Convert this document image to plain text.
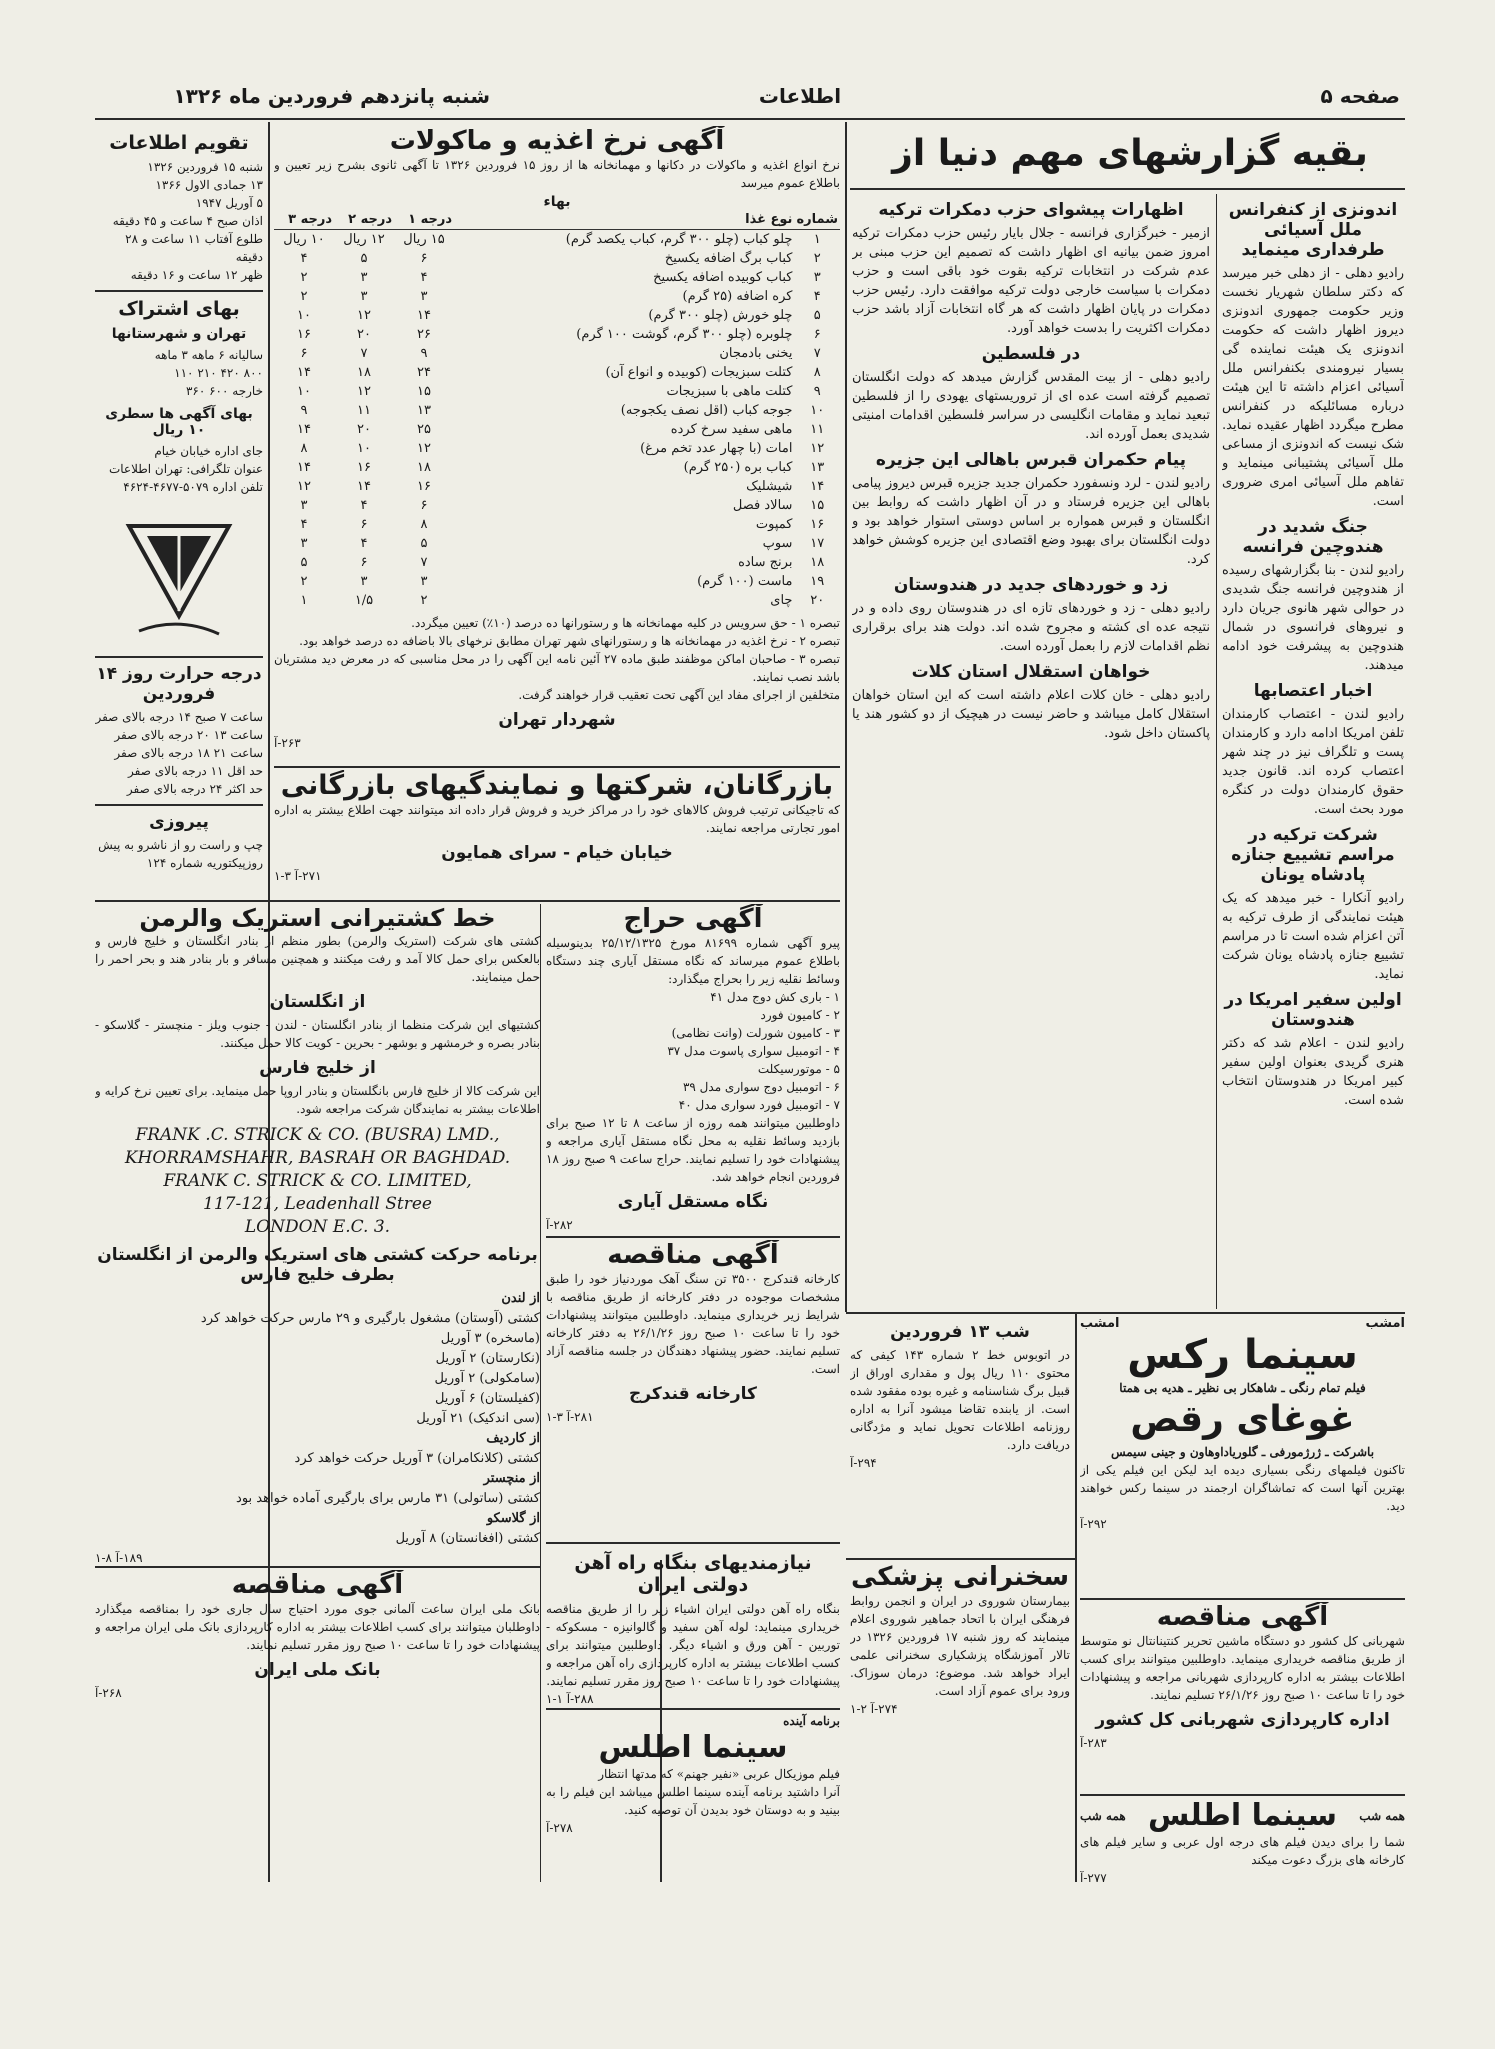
صفحه ۵
اطلاعات
شنبه پانزدهم فروردین ماه ۱۳۲۶
بقیه گزارشهای مهم دنیا از
اندونزی از کنفرانس ملل آسیائی طرفداری مینماید
رادیو دهلی - از دهلی خبر میرسد که دکتر سلطان شهریار نخست وزیر حکومت جمهوری اندونزی دیروز اظهار داشت که حکومت اندونزی یک هیئت نماینده گی بسیار نیرومندی بکنفرانس ملل آسیائی اعزام داشته تا این هیئت درباره مسائلیکه در کنفرانس مطرح میگردد اظهار عقیده نماید. شک نیست که اندونزی از مساعی ملل آسیائی پشتیبانی مینماید و تفاهم ملل آسیائی امری ضروری است.
جنگ شدید در هندوچین فرانسه
رادیو لندن - بنا بگزارشهای رسیده از هندوچین فرانسه جنگ شدیدی در حوالی شهر هانوی جریان دارد و نیروهای فرانسوی در شمال هندوچین به پیشرفت خود ادامه میدهند.
اخبار اعتصابها
رادیو لندن - اعتصاب کارمندان تلفن امریکا ادامه دارد و کارمندان پست و تلگراف نیز در چند شهر اعتصاب کرده اند. قانون جدید حقوق کارمندان دولت در کنگره مورد بحث است.
شرکت ترکیه در مراسم تشییع جنازه پادشاه یونان
رادیو آنکارا - خبر میدهد که یک هیئت نمایندگی از طرف ترکیه به آتن اعزام شده است تا در مراسم تشییع جنازه پادشاه یونان شرکت نماید.
اولین سفیر امریکا در هندوستان
رادیو لندن - اعلام شد که دکتر هنری گریدی بعنوان اولین سفیر کبیر امریکا در هندوستان انتخاب شده است.
اظهارات پیشوای حزب دمکرات ترکیه
ازمیر - خبرگزاری فرانسه - جلال بایار رئیس حزب دمکرات ترکیه امروز ضمن بیانیه ای اظهار داشت که تصمیم این حزب مبنی بر عدم شرکت در انتخابات ترکیه بقوت خود باقی است و حزب دمکرات با سیاست خارجی دولت ترکیه موافقت دارد. رئیس حزب دمکرات در پایان اظهار داشت که هر گاه انتخابات آزاد باشد حزب دمکرات اکثریت را بدست خواهد آورد.
در فلسطین
رادیو دهلی - از بیت المقدس گزارش میدهد که دولت انگلستان تصمیم گرفته است عده ای از تروریستهای یهودی را از فلسطین تبعید نماید و مقامات انگلیسی در سراسر فلسطین اقدامات امنیتی شدیدی بعمل آورده اند.
پیام حکمران قبرس باهالی این جزیره
رادیو لندن - لرد ونسفورد حکمران جدید جزیره قبرس دیروز پیامی باهالی این جزیره فرستاد و در آن اظهار داشت که روابط بین انگلستان و قبرس همواره بر اساس دوستی استوار خواهد بود و دولت انگلستان برای بهبود وضع اقتصادی این جزیره کوشش خواهد کرد.
زد و خوردهای جدید در هندوستان
رادیو دهلی - زد و خوردهای تازه ای در هندوستان روی داده و در نتیجه عده ای کشته و مجروح شده اند. دولت هند برای برقراری نظم اقدامات لازم را بعمل آورده است.
خواهان استقلال استان کلات
رادیو دهلی - خان کلات اعلام داشته است که این استان خواهان استقلال کامل میباشد و حاضر نیست در هیچیک از دو کشور هند یا پاکستان داخل شود.
تقویم اطلاعات
شنبه ۱۵ فروردین ۱۳۲۶
۱۳ جمادی الاول ۱۳۶۶
۵ آوریل ۱۹۴۷
اذان صبح ۴ ساعت و ۴۵ دقیقه
طلوع آفتاب ۱۱ ساعت و ۲۸ دقیقه
ظهر ۱۲ ساعت و ۱۶ دقیقه
بهای اشتراک
تهران و شهرستانها
سالیانه ۶ ماهه ۳ ماهه
۸۰۰ ۴۲۰ ۲۱۰ ۱۱۰
خارجه ۶۰۰ ۳۶۰
بهای آگهی ها سطری ۱۰ ریال
جای اداره خیابان خیام
عنوان تلگرافی: تهران اطلاعات
تلفن اداره ۵۰۷۹-۴۶۷۷-۴۶۲۴
درجه حرارت روز ۱۴ فروردین
ساعت ۷ صبح ۱۴ درجه بالای صفر
ساعت ۱۳ ۲۰ درجه بالای صفر
ساعت ۲۱ ۱۸ درجه بالای صفر
حد اقل ۱۱ درجه بالای صفر
حد اکثر ۲۴ درجه بالای صفر
پیروزی
چپ و راست رو از ناشرو به پیش روزپیکتوریه شماره ۱۲۴
آگهی نرخ اغذیه و ماکولات
نرخ انواع اغذیه و ماکولات در دکانها و مهمانخانه ها از روز ۱۵ فروردین ۱۳۲۶ تا آگهی ثانوی بشرح زیر تعیین و باطلاع عموم میرسد
بهاء
شماره	نوع غذا	درجه ۱	درجه ۲	درجه ۳
۱	چلو کباب (چلو ۳۰۰ گرم، کباب یکصد گرم)	۱۵ ریال	۱۲ ریال	۱۰ ریال
۲	کباب برگ اضافه یکسیخ	۶	۵	۴
۳	کباب کوبیده اضافه یکسیخ	۴	۳	۲
۴	کره اضافه (۲۵ گرم)	۳	۳	۲
۵	چلو خورش (چلو ۳۰۰ گرم)	۱۴	۱۲	۱۰
۶	چلوبره (چلو ۳۰۰ گرم، گوشت ۱۰۰ گرم)	۲۶	۲۰	۱۶
۷	یخنی بادمجان	۹	۷	۶
۸	کتلت سبزیجات (کوبیده و انواع آن)	۲۴	۱۸	۱۴
۹	کتلت ماهی با سبزیجات	۱۵	۱۲	۱۰
۱۰	جوجه کباب (اقل نصف یکجوجه)	۱۳	۱۱	۹
۱۱	ماهی سفید سرخ کرده	۲۵	۲۰	۱۴
۱۲	امات (با چهار عدد تخم مرغ)	۱۲	۱۰	۸
۱۳	کباب بره (۲۵۰ گرم)	۱۸	۱۶	۱۴
۱۴	شیشلیک	۱۶	۱۴	۱۲
۱۵	سالاد فصل	۶	۴	۳
۱۶	کمپوت	۸	۶	۴
۱۷	سوپ	۵	۴	۳
۱۸	برنج ساده	۷	۶	۵
۱۹	ماست (۱۰۰ گرم)	۳	۳	۲
۲۰	چای	۲	۱/۵	۱
تبصره ۱ - حق سرویس در کلیه مهمانخانه ها و رستورانها ده درصد (۱۰٪) تعیین میگردد.
تبصره ۲ - نرخ اغذیه در مهمانخانه ها و رستورانهای شهر تهران مطابق نرخهای بالا باضافه ده درصد خواهد بود.
تبصره ۳ - صاحبان اماکن موظفند طبق ماده ۲۷ آئین نامه این آگهی را در محل مناسبی که در معرض دید مشتریان باشد نصب نمایند.
متخلفین از اجرای مفاد این آگهی تحت تعقیب قرار خواهند گرفت.
شهردار تهران
۲۶۳-آ
بازرگانان، شرکتها و نمایندگیهای بازرگانی
که تاجیکانی ترتیب فروش کالاهای خود را در مراکز خرید و فروش قرار داده اند میتوانند جهت اطلاع بیشتر به اداره امور تجارتی مراجعه نمایند.
خیابان خیام - سرای همایون
۲۷۱-آ ۳-۱
خط کشتیرانی استریک والرمن
کشتی های شرکت (استریک والرمن) بطور منظم از بنادر انگلستان و خلیج فارس و بالعکس برای حمل کالا آمد و رفت میکنند و همچنین مسافر و بار بنادر هند و بحر احمر را حمل مینمایند.
از انگلستان
کشتیهای این شرکت منظما از بنادر انگلستان - لندن - جنوب ویلز - منچستر - گلاسکو - بنادر بصره و خرمشهر و بوشهر - بحرین - کویت کالا حمل میکنند.
از خلیج فارس
این شرکت کالا از خلیج فارس بانگلستان و بنادر اروپا حمل مینماید. برای تعیین نرخ کرایه و اطلاعات بیشتر به نمایندگان شرکت مراجعه شود.
FRANK .C. STRICK & CO. (BUSRA) LMD.,
KHORRAMSHAHR, BASRAH OR BAGHDAD.
FRANK C. STRICK & CO. LIMITED,
117-121, Leadenhall Stree
LONDON E.C. 3.
برنامه حرکت کشتی های استریک والرمن از انگلستان بطرف خلیج فارس
از لندن
کشتی (آوستان) مشغول بارگیری و ۲۹ مارس حرکت خواهد کرد
(ماسخره) ۳ آوریل
(نکارستان) ۲ آوریل
(سامکولی) ۲ آوریل
(کفیلستان) ۶ آوریل
(سی اندکیک) ۲۱ آوریل
از کاردیف
کشتی (کلانکامران) ۳ آوریل حرکت خواهد کرد
از منچستر
کشتی (ساتولی) ۳۱ مارس برای بارگیری آماده خواهد بود
از گلاسکو
کشتی (افغانستان) ۸ آوریل
۱۸۹-آ ۸-۱
آگهی مناقصه
بانک ملی ایران ساعت آلمانی جوی مورد احتیاج سال جاری خود را بمناقصه میگذارد داوطلبان میتوانند برای کسب اطلاعات بیشتر به اداره کارپردازی بانک ملی ایران مراجعه و پیشنهادات خود را تا ساعت ۱۰ صبح روز مقرر تسلیم نمایند.
بانک ملی ایران
۲۶۸-آ
آگهی حراج
پیرو آگهی شماره ۸۱۶۹۹ مورخ ۲۵/۱۲/۱۳۲۵ بدینوسیله باطلاع عموم میرساند که نگاه مستقل آیاری چند دستگاه وسائط نقلیه زیر را بحراج میگذارد:
۱ - باری کش دوج مدل ۴۱
۲ - کامیون فورد
۳ - کامیون شورلت (وانت نظامی)
۴ - اتومبیل سواری پاسوت مدل ۳۷
۵ - موتورسیکلت
۶ - اتومبیل دوج سواری مدل ۳۹
۷ - اتومبیل فورد سواری مدل ۴۰
داوطلبین میتوانند همه روزه از ساعت ۸ تا ۱۲ صبح برای بازدید وسائط نقلیه به محل نگاه مستقل آیاری مراجعه و پیشنهادات خود را تسلیم نمایند. حراج ساعت ۹ صبح روز ۱۸ فروردین انجام خواهد شد.
نگاه مستقل آیاری
۲۸۲-آ
آگهی مناقصه
کارخانه قندکرج ۳۵۰۰ تن سنگ آهک موردنیاز خود را طبق مشخصات موجوده در دفتر کارخانه از طریق مناقصه با شرایط زیر خریداری مینماید. داوطلبین میتوانند پیشنهادات خود را تا ساعت ۱۰ صبح روز ۲۶/۱/۲۶ به دفتر کارخانه تسلیم نمایند. حضور پیشنهاد دهندگان در جلسه مناقصه آزاد است.
کارخانه قندکرج
۲۸۱-آ ۳-۱
نیازمندیهای بنگاه راه آهن دولتی ایران
بنگاه راه آهن دولتی ایران اشیاء زیر را از طریق مناقصه خریداری مینماید: لوله آهن سفید و گالوانیزه - مسکوکه - توربین - آهن ورق و اشیاء دیگر. داوطلبین میتوانند برای کسب اطلاعات بیشتر به اداره کارپردازی راه آهن مراجعه و پیشنهادات خود را تا ساعت ۱۰ صبح روز مقرر تسلیم نمایند.
۲۸۸-آ ۱-۱
برنامه آینده
سینما اطلس
فیلم موزیکال عربی «نفیر جهنم» که مدتها انتظار
آنرا داشتید برنامه آینده سینما اطلس میباشد این فیلم را به بینید و به دوستان خود بدیدن آن توصیه کنید.
۲۷۸-آ
شب ۱۳ فروردین
در اتوبوس خط ۲ شماره ۱۴۳ کیفی که محتوی ۱۱۰ ریال پول و مقداری اوراق از قبیل برگ شناسنامه و غیره بوده مفقود شده است. از یابنده تقاضا میشود آنرا به اداره روزنامه اطلاعات تحویل نماید و مژدگانی دریافت دارد.
۲۹۴-آ
سخنرانی پزشکی
بیمارستان شوروی در ایران و انجمن روابط فرهنگی ایران با اتحاد جماهیر شوروی اعلام مینمایند که روز شنبه ۱۷ فروردین ۱۳۲۶ در تالار آموزشگاه پزشکیاری سخنرانی علمی ایراد خواهد شد. موضوع: درمان سوزاک. ورود برای عموم آزاد است.
۲۷۴-آ ۲-۱
امشب
امشب
سینما رکس
فیلم تمام رنگی ـ شاهکار بی نظیر ـ هدیه بی همتا
غوغای رقص
باشرکت ـ ژرژمورفی ـ گلوریاداوهاون و جینی سیمس
تاکنون فیلمهای رنگی بسیاری دیده اید لیکن این فیلم یکی از بهترین آنها است که تماشاگران ارجمند در سینما رکس خواهند دید.
۲۹۲-آ
آگهی مناقصه
شهربانی کل کشور دو دستگاه ماشین تحریر کنتینانتال نو متوسط از طریق مناقصه خریداری مینماید. داوطلبین میتوانند برای کسب اطلاعات بیشتر به اداره کارپردازی شهربانی مراجعه و پیشنهادات خود را تا ساعت ۱۰ صبح روز ۲۶/۱/۲۶ تسلیم نمایند.
اداره کارپردازی شهربانی کل کشور
۲۸۳-آ
همه شب
سینما اطلس
همه شب
شما را برای دیدن فیلم های درجه اول عربی و سایر فیلم های کارخانه های بزرگ دعوت میکند
۲۷۷-آ
